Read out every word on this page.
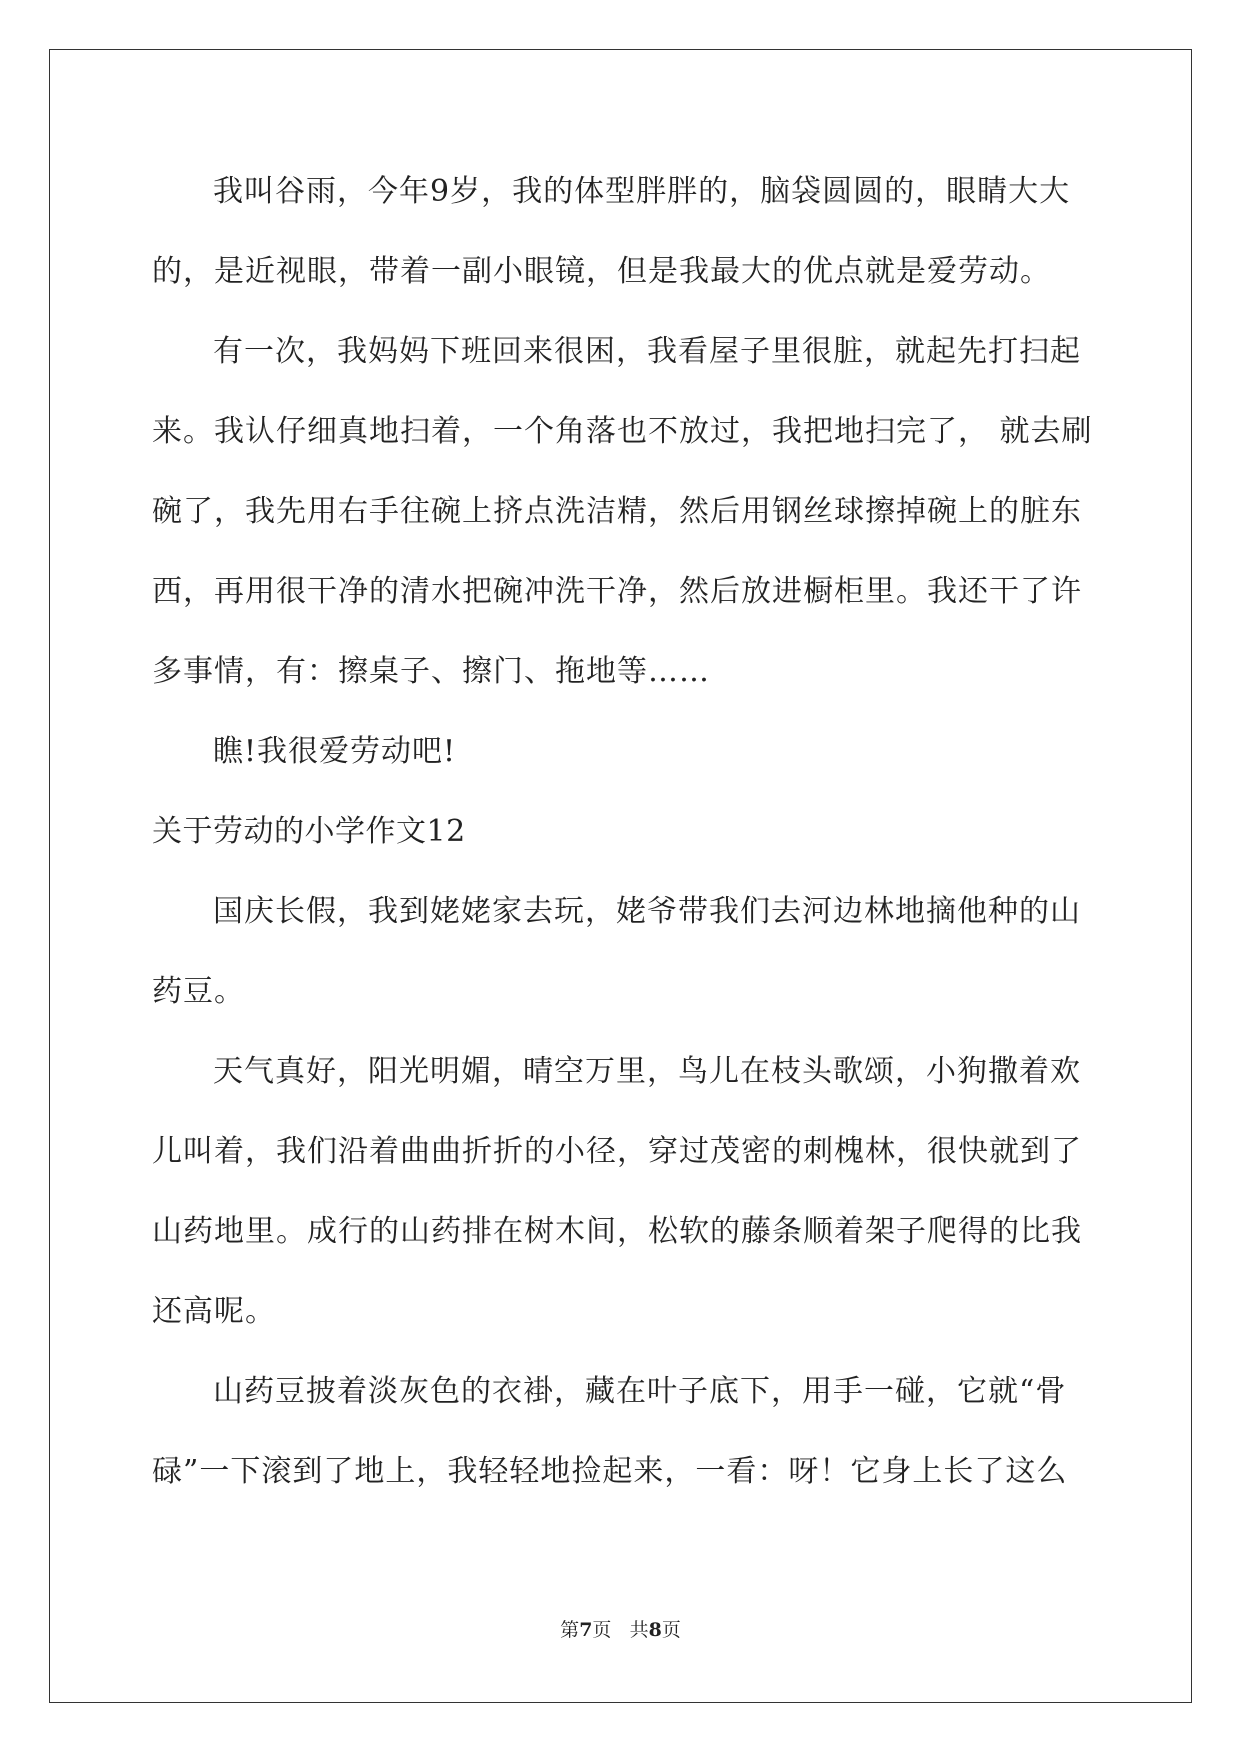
我叫谷雨，今年9岁，我的体型胖胖的，脑袋圆圆的，眼睛大大
的，是近视眼，带着一副小眼镜，但是我最大的优点就是爱劳动。
有一次，我妈妈下班回来很困，我看屋子里很脏，就起先打扫起
来。我认仔细真地扫着，一个角落也不放过，我把地扫完了， 就去刷
碗了，我先用右手往碗上挤点洗洁精，然后用钢丝球擦掉碗上的脏东
西，再用很干净的清水把碗冲洗干净，然后放进橱柜里。我还干了许
多事情，有：擦桌子、擦门、拖地等……
瞧!我很爱劳动吧!
关于劳动的小学作文12
国庆长假，我到姥姥家去玩，姥爷带我们去河边林地摘他种的山
药豆。
天气真好，阳光明媚，晴空万里，鸟儿在枝头歌颂，小狗撒着欢
儿叫着，我们沿着曲曲折折的小径，穿过茂密的刺槐林，很快就到了
山药地里。成行的山药排在树木间，松软的藤条顺着架子爬得的比我
还高呢。
山药豆披着淡灰色的衣褂，藏在叶子底下，用手一碰，它就“骨
碌”一下滚到了地上，我轻轻地捡起来，一看：呀！它身上长了这么
第7页 共8页
